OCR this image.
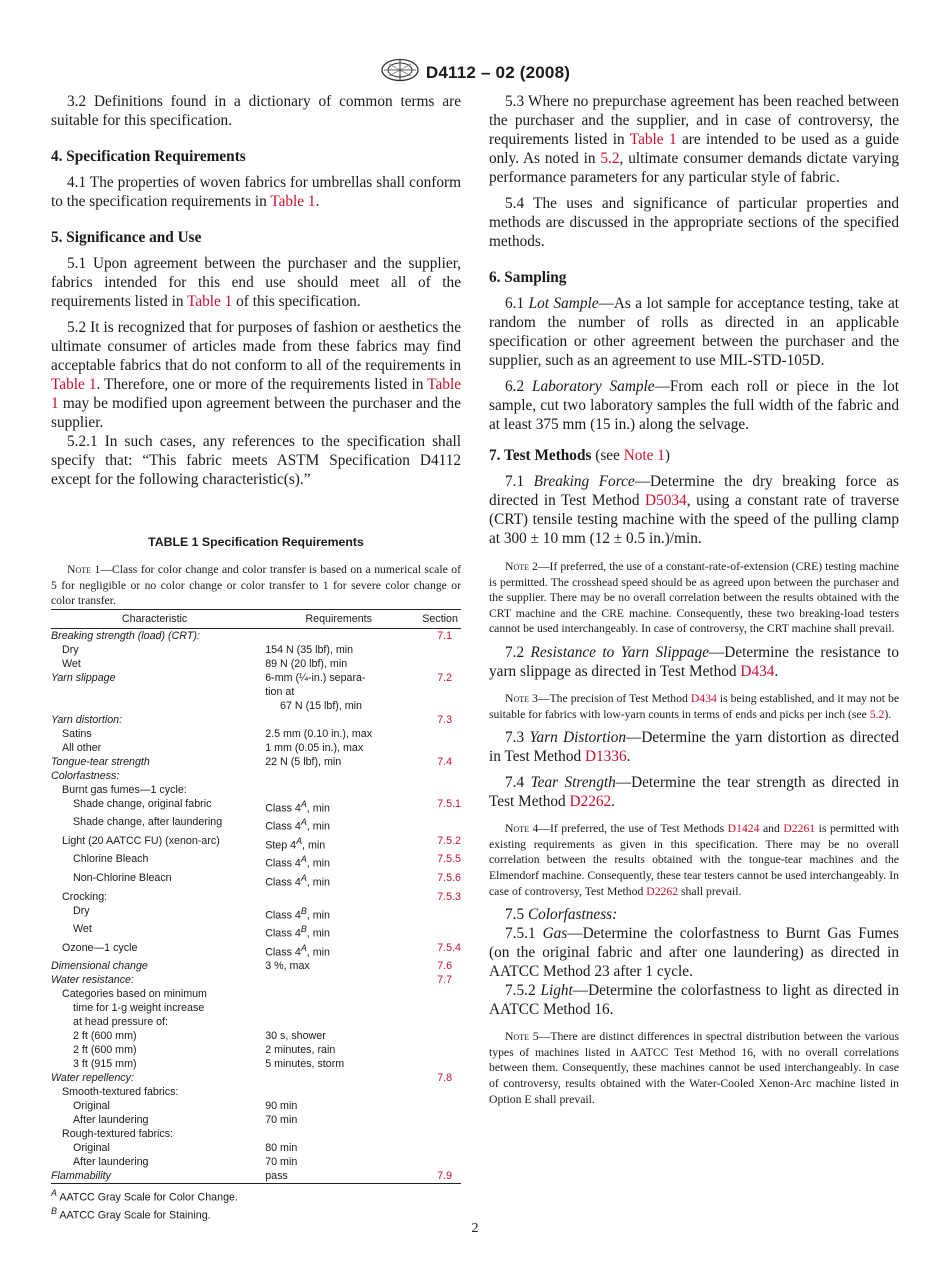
D4112 – 02 (2008)

3.2 Definitions found in a dictionary of common terms are suitable for this specification.

4. Specification Requirements

4.1 The properties of woven fabrics for umbrellas shall conform to the specification requirements in Table 1.

5. Significance and Use

5.1 Upon agreement between the purchaser and the supplier, fabrics intended for this end use should meet all of the requirements listed in Table 1 of this specification.

5.2 It is recognized that for purposes of fashion or aesthetics the ultimate consumer of articles made from these fabrics may find acceptable fabrics that do not conform to all of the requirements in Table 1. Therefore, one or more of the requirements listed in Table 1 may be modified upon agreement between the purchaser and the supplier.

5.2.1 In such cases, any references to the specification shall specify that: “This fabric meets ASTM Specification D4112 except for the following characteristic(s).”

TABLE 1 Specification Requirements

Note 1—Class for color change and color transfer is based on a numerical scale of 5 for negligible or no color change or color transfer to 1 for severe color change or color transfer.

Characteristic	Requirements	Section
Breaking strength (load) (CRT):		7.1
Dry	154 N (35 lbf), min	
Wet	89 N (20 lbf), min	
Yarn slippage	6-mm (¼-in.) separa-	7.2
	tion at	
	67 N (15 lbf), min	
Yarn distortion:		7.3
Satins	2.5 mm (0.10 in.), max	
All other	1 mm (0.05 in.), max	
Tongue-tear strength	22 N (5 lbf), min	7.4
Colorfastness:		
Burnt gas fumes—1 cycle:		
Shade change, original fabric	Class $4^A$, min	7.5.1
Shade change, after laundering	Class $4^A$, min	
Light (20 AATCC FU) (xenon-arc)	Step $4^A$, min	7.5.2
Chlorine Bleach	Class $4^A$, min	7.5.5
Non-Chlorine Bleacn	Class $4^A$, min	7.5.6
Crocking:		7.5.3
Dry	Class $4^B$, min	
Wet	Class $4^B$, min	
Ozone—1 cycle	Class $4^A$, min	7.5.4
Dimensional change	3 %, max	7.6
Water resistance:		7.7
Categories based on minimum		
time for 1-g weight increase		
at head pressure of:		
2 ft (600 mm)	30 s, shower	
2 ft (600 mm)	2 minutes, rain	
3 ft (915 mm)	5 minutes, storm	
Water repellency:		7.8
Smooth-textured fabrics:		
Original	90 min	
After laundering	70 min	
Rough-textured fabrics:		
Original	80 min	
After laundering	70 min	
Flammability	pass	7.9
$^A$ AATCC Gray Scale for Color Change.
$^B$ AATCC Gray Scale for Staining.

5.3 Where no prepurchase agreement has been reached between the purchaser and the supplier, and in case of controversy, the requirements listed in Table 1 are intended to be used as a guide only. As noted in 5.2, ultimate consumer demands dictate varying performance parameters for any particular style of fabric.

5.4 The uses and significance of particular properties and methods are discussed in the appropriate sections of the specified methods.

6. Sampling

6.1 Lot Sample—As a lot sample for acceptance testing, take at random the number of rolls as directed in an applicable specification or other agreement between the purchaser and the supplier, such as an agreement to use MIL-STD-105D.

6.2 Laboratory Sample—From each roll or piece in the lot sample, cut two laboratory samples the full width of the fabric and at least 375 mm (15 in.) along the selvage.

7. Test Methods (see Note 1)

7.1 Breaking Force—Determine the dry breaking force as directed in Test Method D5034, using a constant rate of traverse (CRT) tensile testing machine with the speed of the pulling clamp at 300 ± 10 mm (12 ± 0.5 in.)/min.

Note 2—If preferred, the use of a constant-rate-of-extension (CRE) testing machine is permitted. The crosshead speed should be as agreed upon between the purchaser and the supplier. There may be no overall correlation between the results obtained with the CRT machine and the CRE machine. Consequently, these two breaking-load testers cannot be used interchangeably. In case of controversy, the CRT machine shall prevail.

7.2 Resistance to Yarn Slippage—Determine the resistance to yarn slippage as directed in Test Method D434.

Note 3—The precision of Test Method D434 is being established, and it may not be suitable for fabrics with low-yarn counts in terms of ends and picks per inch (see 5.2).

7.3 Yarn Distortion—Determine the yarn distortion as directed in Test Method D1336.

7.4 Tear Strength—Determine the tear strength as directed in Test Method D2262.

Note 4—If preferred, the use of Test Methods D1424 and D2261 is permitted with existing requirements as given in this specification. There may be no overall correlation between the results obtained with the tongue-tear machines and the Elmendorf machine. Consequently, these tear testers cannot be used interchangeably. In case of controversy, Test Method D2262 shall prevail.

7.5 Colorfastness:

7.5.1 Gas—Determine the colorfastness to Burnt Gas Fumes (on the original fabric and after one laundering) as directed in AATCC Method 23 after 1 cycle.

7.5.2 Light—Determine the colorfastness to light as directed in AATCC Method 16.

Note 5—There are distinct differences in spectral distribution between the various types of machines listed in AATCC Test Method 16, with no overall correlations between them. Consequently, these machines cannot be used interchangeably. In case of controversy, results obtained with the Water-Cooled Xenon-Arc machine listed in Option E shall prevail.

2
